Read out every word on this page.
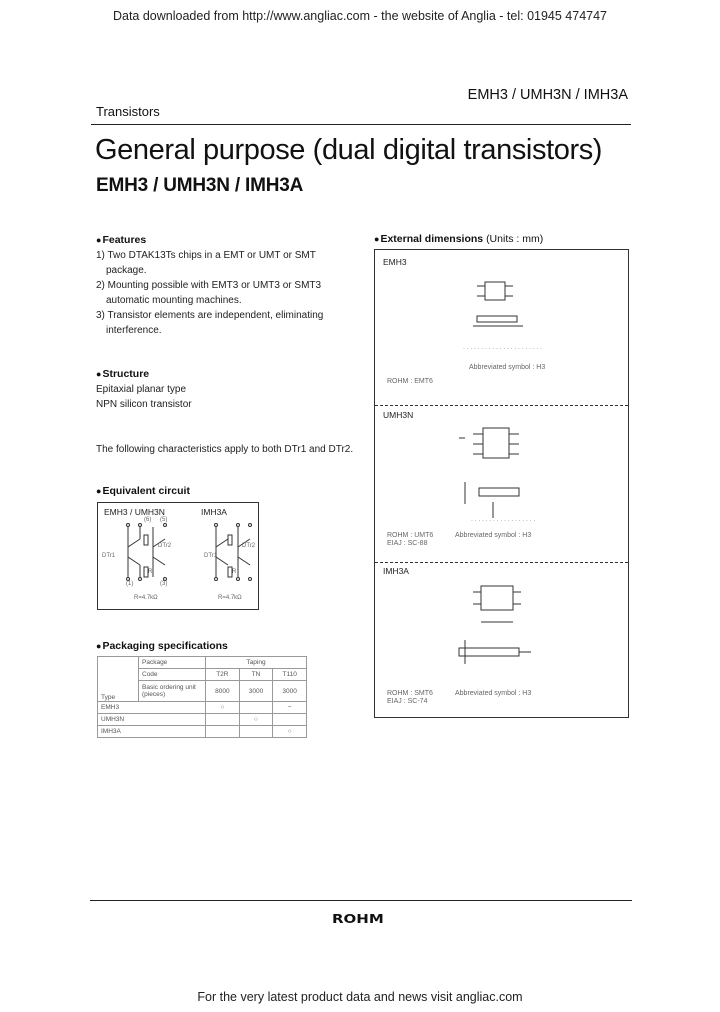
Data downloaded from http://www.angliac.com - the website of Anglia - tel: 01945 474747
EMH3 / UMH3N / IMH3A
Transistors
General purpose (dual digital transistors)
EMH3 / UMH3N / IMH3A
●Features
1) Two DTAK13Ts chips in a EMT or UMT or SMT
package.
2) Mounting possible with EMT3 or UMT3 or SMT3
automatic mounting machines.
3) Transistor elements are independent, eliminating
interference.
●Structure
Epitaxial planar type
NPN silicon transistor
The following characteristics apply to both DTr1 and DTr2.
●Equivalent circuit
EMH3 / UMH3N	IMH3A
(6) (5)
DTr1
DTr2
DTr1
DTr2
R	R
(1)	(3)
R=4.7kΩ	R=4.7kΩ
●Packaging specifications
Type	Package	Taping		
	Code	T2R	TN	T110
	Basic ordering unit (pieces)	8000	3000	3000
EMH3		○		−
UMH3N			○	
IMH3A				○
●External dimensions (Units : mm)
EMH3
· · · · · · · · · · · · · · · · · · · · · ·
Abbreviated symbol : H3
ROHM : EMT6
UMH3N
· · · · · · · · · · · · · · · · · ·
Abbreviated symbol : H3
ROHM : UMT6
EIAJ : SC-88
IMH3A
Abbreviated symbol : H3
ROHM : SMT6
EIAJ : SC-74
ROHM
For the very latest product data and news visit angliac.com
